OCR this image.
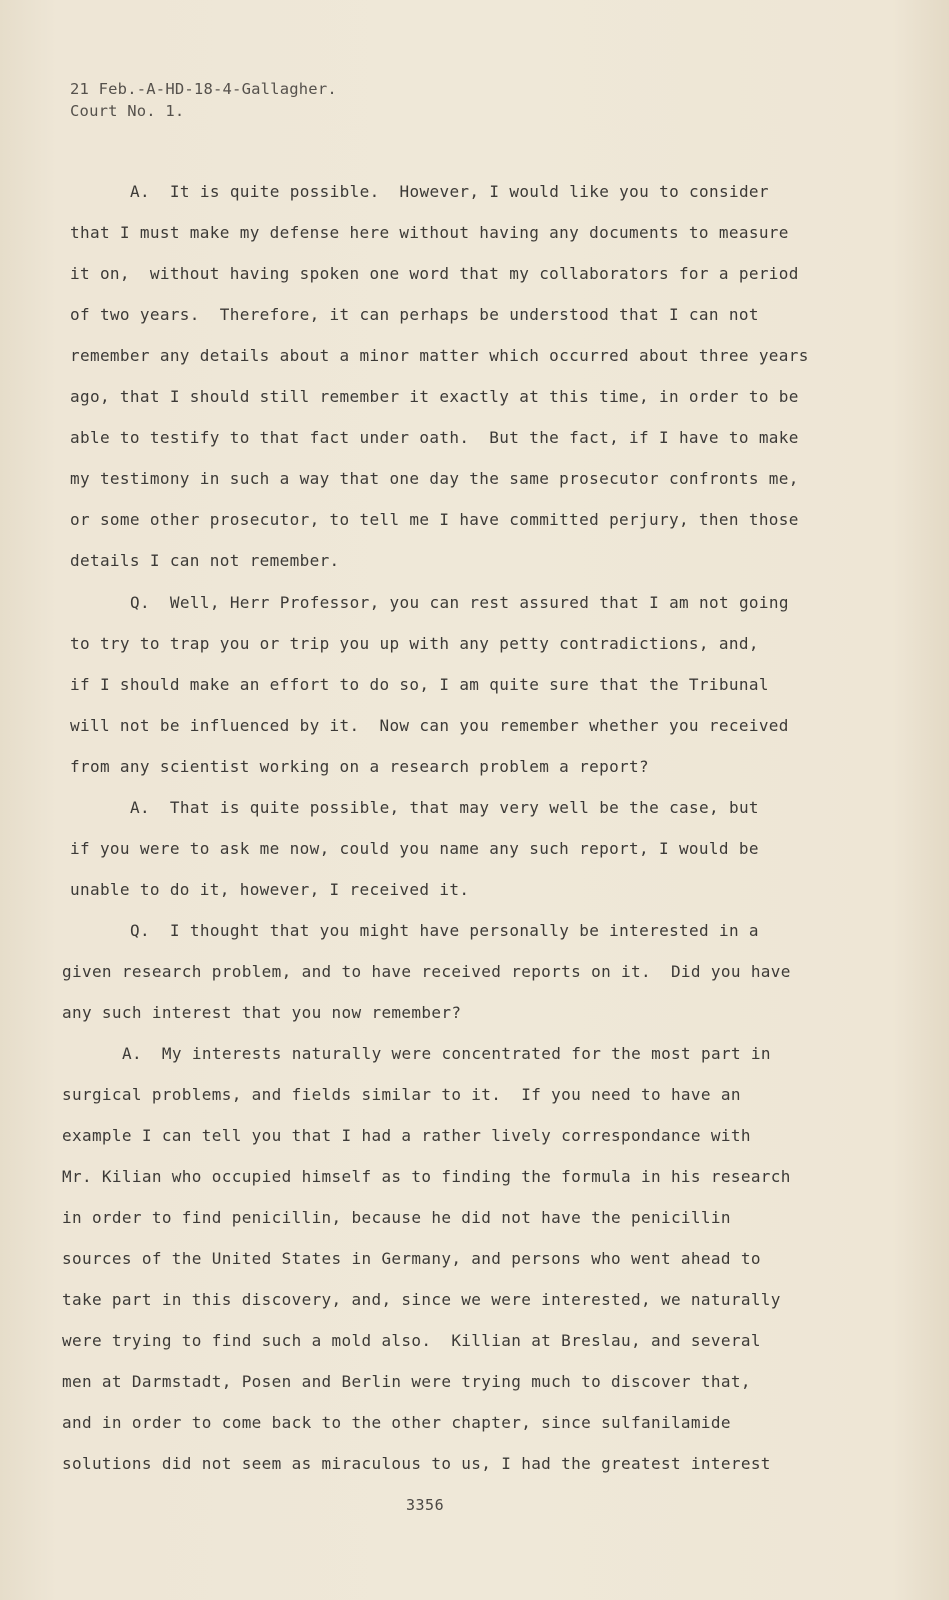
21 Feb.-A-HD-18-4-Gallagher.
Court No. 1.
A.  It is quite possible.  However, I would like you to consider
that I must make my defense here without having any documents to measure
it on,  without having spoken one word that my collaborators for a period
of two years.  Therefore, it can perhaps be understood that I can not
remember any details about a minor matter which occurred about three years
ago, that I should still remember it exactly at this time, in order to be
able to testify to that fact under oath.  But the fact, if I have to make
my testimony in such a way that one day the same prosecutor confronts me,
or some other prosecutor, to tell me I have committed perjury, then those
details I can not remember.
Q.  Well, Herr Professor, you can rest assured that I am not going
to try to trap you or trip you up with any petty contradictions, and,
if I should make an effort to do so, I am quite sure that the Tribunal
will not be influenced by it.  Now can you remember whether you received
from any scientist working on a research problem a report?
A.  That is quite possible, that may very well be the case, but
if you were to ask me now, could you name any such report, I would be
unable to do it, however, I received it.
Q.  I thought that you might have personally be interested in a
given research problem, and to have received reports on it.  Did you have
any such interest that you now remember?
A.  My interests naturally were concentrated for the most part in
surgical problems, and fields similar to it.  If you need to have an
example I can tell you that I had a rather lively correspondance with
Mr. Kilian who occupied himself as to finding the formula in his research
in order to find penicillin, because he did not have the penicillin
sources of the United States in Germany, and persons who went ahead to
take part in this discovery, and, since we were interested, we naturally
were trying to find such a mold also.  Killian at Breslau, and several
men at Darmstadt, Posen and Berlin were trying much to discover that,
and in order to come back to the other chapter, since sulfanilamide
solutions did not seem as miraculous to us, I had the greatest interest
3356
